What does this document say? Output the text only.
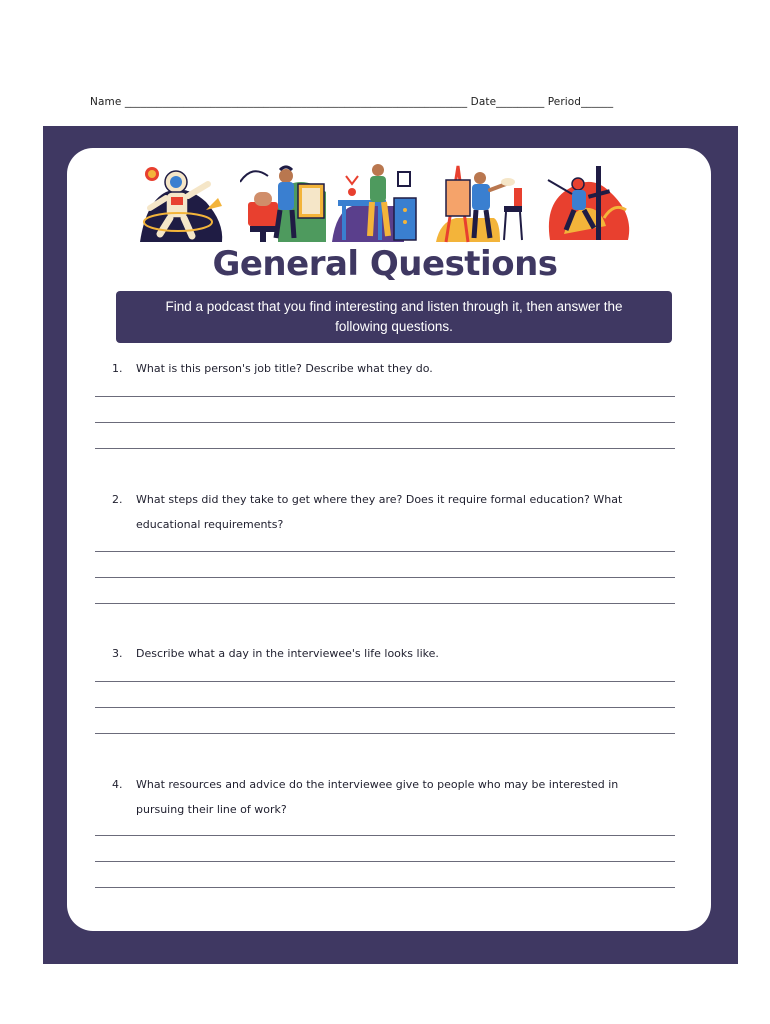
Name ________________________________________________________________ Date_________ Period______
General Questions
Find a podcast that you find interesting and listen through it, then answer the following questions.
1.	What is this person's job title? Describe what they do.
2.	What steps did they take to get where they are? Does it require formal education? What educational requirements?
3.	Describe what a day in the interviewee's life looks like.
4.	What resources and advice do the interviewee give to people who may be interested in pursuing their line of work?
